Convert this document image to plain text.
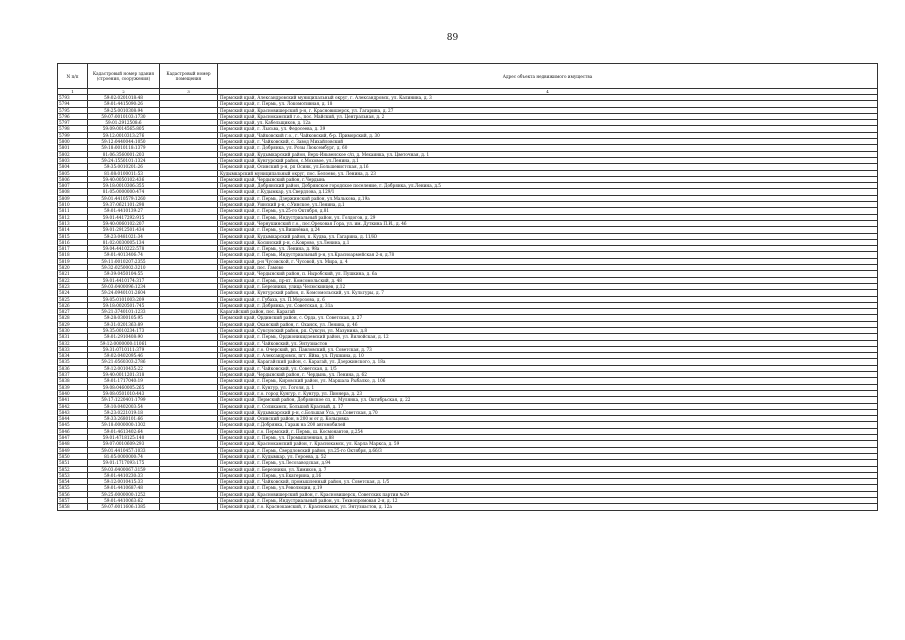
89
N п/п	Кадастровый номер здания (строения, сооружения)	Кадастровый номер помещения	Адрес объекта недвижимого имущества
1	2	3	4
5793	59:02:0201018:48		Пермский край, Александровский муниципальный округ, г. Александровск, ул. Калинина, д. 3
5794	59:01:4415090:26		Пермский край, г. Пермь, ул. Локомотивная, д. 18
5795	59:25:0010308:94		Пермский край, Красновишерский р-н, г. Красновишерск, ул. Гагарина, д. 27
5796	59:07:0010103:1730		Пермский край, Краснокамский г.о., пос. Майский, ул. Центральная, д. 2
5797	59:01:2912508:6		Пермский край, ул. Кабельщиков, д. 12а
5798	59:09:0014565:805		Пермский край, г. Лысьва, ул. Федосеева, д. 39
5799	59:12:0010313:276		Пермский край, Чайковский г.о., г. Чайковский, б-р. Приморский, д. 30
5800	59:12:0440044:1050		Пермский край, г. Чайковский, с. Завод Михайловский
5801	59:18:0010118:1379		Пермский край, г. Добрянка, ул. Розы Люксембург, д. 60
5802	81:06:3560001:203		Пермский край, Кудымкарский район, Верх-Иньвенское с/п, д. Мехаинка, ул. Цветочная, д. 1
5803	59:24:1550101:1324		Пермский край, Кунгурский район, с.Моховое, ул.Ленина, д.1
5804	59:35:0010201:26		Пермский край, Осинский р-н, рп Осинк, ул.Большевистская, д.16
5805	81:08:0100011:53		Кудымкарский муниципальный округ, пос. Белоево, ул. Ленина, д. 23
5806	59:40:0050102:436		Пермский край, Чердынский район, г.Чердынь
5807	59:18:0010306:355		Пермский край, Добрянский район, Добрянское городское поселение, г. Добрянка, ул.Ленина, д.5
5808	81:05:0000000:474		Пермский край, г.Кудымкар, ул.Свердлова, д.129/1
5809	59:01:4410579:1260		Пермский край, г. Пермь, Дзержинский район, ул.Малькова, д.19а
5810	59:37:0621101:298		Пермский край, Уинский р-н, с.Уинское, ул.Ленина, д.1
5811	59:01:4410139:27		Пермский край, г. Пермь, ул.25-го Октября, д.81
5812	59:01:4417292:915		Пермский край, г. Пермь, Индустриальный район, ул. Голдогов, д. 29
5813	59:40:0060102:207		Пермский край, Чернушинский г.о., пос.Ореховая Гора, ул. им. Дуткина П.И., д. 46
5814	59:01:2912501:434		Пермский край, г. Пермь, ул.Вишнёвая, д.24
5815	59:23:0481021:34		Пермский край, Кудымкарский район, п. Кудва, ул. Гагарина, д. 11/Ю
5816	81:02:0030005:134		Пермский край, Косинский р-н, с.Коврово, ул.Ленина, д.1
5817	59:04:4410222:578		Пермский край, г. Пермь, ул. Ленина, д. 98а
5818	59:01:4013406:74		Пермский край, г. Пермь, Индустриальный р-н, ул.Красноармейская 2-я, д.78
5819	59:11:0010207:2355		Пермский край, р-н Чусовской, г. Чусовой, ул. Мира, д. 4
5820	59:32:0250002:3210		Пермский край, пос. Гамово
5821	59:39:0450104:55		Пермский край, Чердынский район, п. Ныробский, ул. Пушкина, д. 6а
5822	59:01:4410174:317		Пермский край, г. Пермь, пр-кт. Комсомольский, д. 48
5823	59:03:0400096:1234		Пермский край, г. Березники, улица Челюскинцев, д.12
5824	59:24:0940101:2604		Пермский край, Кунгурский район, п. Комсомольский, ул. Культуры, д. 7
5825	59:05:0101003:209		Пермский край, г. Губаха, ул. П.Морозова, д. 6
5826	59:18:0020501:745		Пермский край, г. Добрянка, ул. Советская, д. 31а
5827	59:21:3740101:1233		Карагайский район, пос. Карагай
5828	59:28:0300105:95		Пермский край, Ординский район, с. Орда, ул. Советская, д. 27
5829	59:31:0201363:89		Пермский край, Оханский район, г. Оханск, ул. Ленина, д. 46
5830	59:35:0010234:173		Пермский край, Суксунский район, рп. Суксун, ул. Мазунина, д.8
5831	59:01:2910408:90		Пермский край, г. Пермь, Орджоникидзевский район, ул. Вилюйская, д. 12
5832	59:12:0000000:11061		Пермский край, г. Чайковский, ул. Энтузиастов
5833	59:31:0710111:379		Пермский край, г.о. Очерский, рп. Павловский, ул. Советская, д. 73
5834	59:02:0402095:46		Пермский край, г. Александровск, пгт. Яйва, ул. Пушкина, д. 10
5835	59:21:0560303:2786		Пермский край, Карагайский район, с. Карагай, ул. Дзержинского, д. 18а
5836	59:12:0010435:22		Пермский край, г. Чайковский, ул. Советская, д. 1/5
5837	59:40:0011201:318		Пермский край, Чердынский район, г. Чердынь, ул. Ленина, д. 62
5838	59:01:1717040:19		Пермский край, г. Пермь, Кировский район, ул. Маршала Рыбалко, д. 106
5839	59:08:0460005:265		Пермский край, г. Кунгур, ул. Гоголя, д. 1
5840	59:08:0501010:443		Пермский край, г.о. город Кунгур, г. Кунгур, ул. Пионера, д. 23
5841	59:17:1220401:1799		Пермский край, Пермский район, Добрянское сп, п. Мулянка, ул. Октябрьская, д. 22
5842	59:10:0402003:54		Пермский край, г. Соликамск, Большой Красный, д. 17
5843	59:23:0221019:18		Пермский край, Кудымкарский р-н, с.Большая Уса, ул.Советская, д.70
5844	59:33:2680101:66		Пермский край, Осинский район, в 200 м от д. Кольцовка
5845	59:18:0000000:1302		Пермский край, г.Добрянка, Гараж на 200 автомобилей
5846	59:01:4613402:64		Пермский край, г.о. Пермский, г. Пермь, ш. Космонавтов, д.254
5847	59:01:4718125:140		Пермский край, г. Пермь, ул. Промышленная, д.88
5848	59:07:0010609:293		Пермский край, Краснокамский район, г. Краснокамск, ул. Карла Маркса, д. 59
5849	59:01:4410457:1033		Пермский край, г. Пермь, Свердловский район, ул.25-го Октября, д.66/3
5850	81:05:0000000:74		Пермский край, г. Кудымкар, ул. Героева, д. 52
5851	59:01:1717093:175		Пермский край, г. Пермь, ул.Лесозаводская, д.94
5852	59:03:0400067:3159		Пермский край, г. Березники, ул. Химиков, д. 7
5853	59:01:4410230:33		Пермский край, г. Пермь, ул.Екатерина, д.16
5854	59:12:0010415:33		Пермский край, г. Чайковский, промышленный район, ул. Советская, д. 1/5
5855	59:01:4410687:48		Пермский край, г. Пермь, ул.Революции, д.19
5856	59:25:0000000:1252		Пермский край, Красновишерский район, г. Красновишерск, Советских партии №29
5857	59:01:4410063:62		Пермский край, г. Пермь, Индустриальный район, ул. Технопромовая 2-я, д. 12
5858	59:07:0011606:1385		Пермский край, г.о. Краснокамский, г. Краснокамск, ул. Энтузиастов, д. 12а
